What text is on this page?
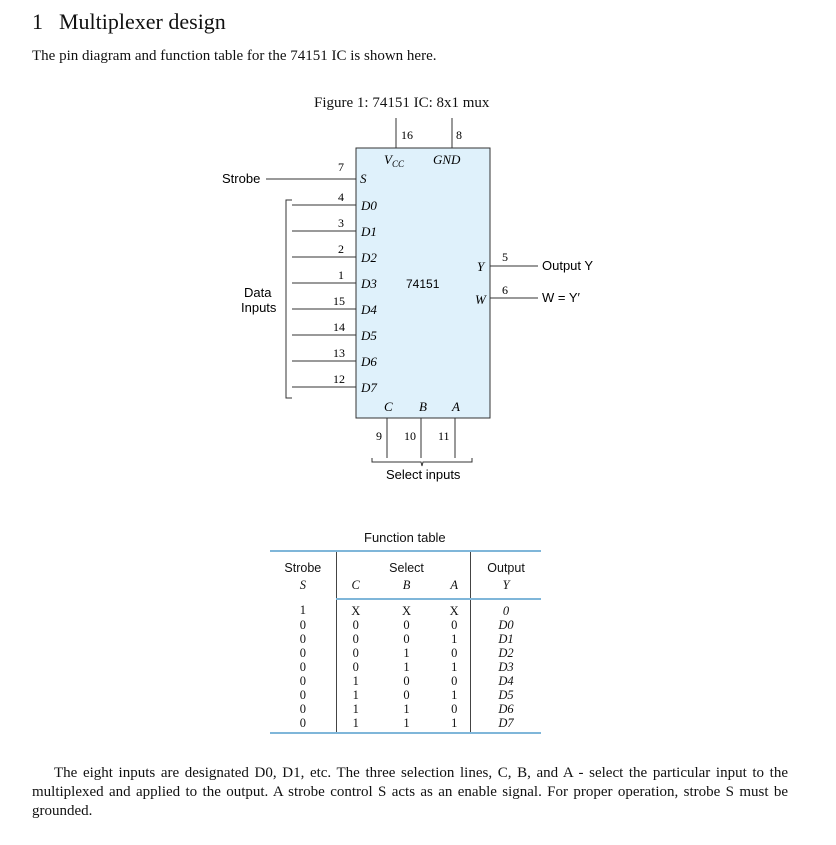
1 Multiplexer design
The pin diagram and function table for the 74151 IC is shown here.
Figure 1: 74151 IC: 8x1 mux
16	8
$V_{CC}$ GND
Strobe
7
S
Data
Inputs
4
D0
3
D1
2
D2
1
D3
15
D4
14
D5
13
D6
12
D7
74151
Y
W
5
6
Output Y
W = Y′
C B A
9 10 11
Select inputs
Function table
Strobe		Select		Output
S	C	B	A	Y
1	X	X	X	0
0	0	0	0	D0
0	0	0	1	D1
0	0	1	0	D2
0	0	1	1	D3
0	1	0	0	D4
0	1	0	1	D5
0	1	1	0	D6
0	1	1	1	D7

The eight inputs are designated D0, D1, etc. The three selection lines, C, B, and A - select the particular input to the multiplexed and applied to the output. A strobe control S acts as an enable signal. For proper operation, strobe S must be grounded.
